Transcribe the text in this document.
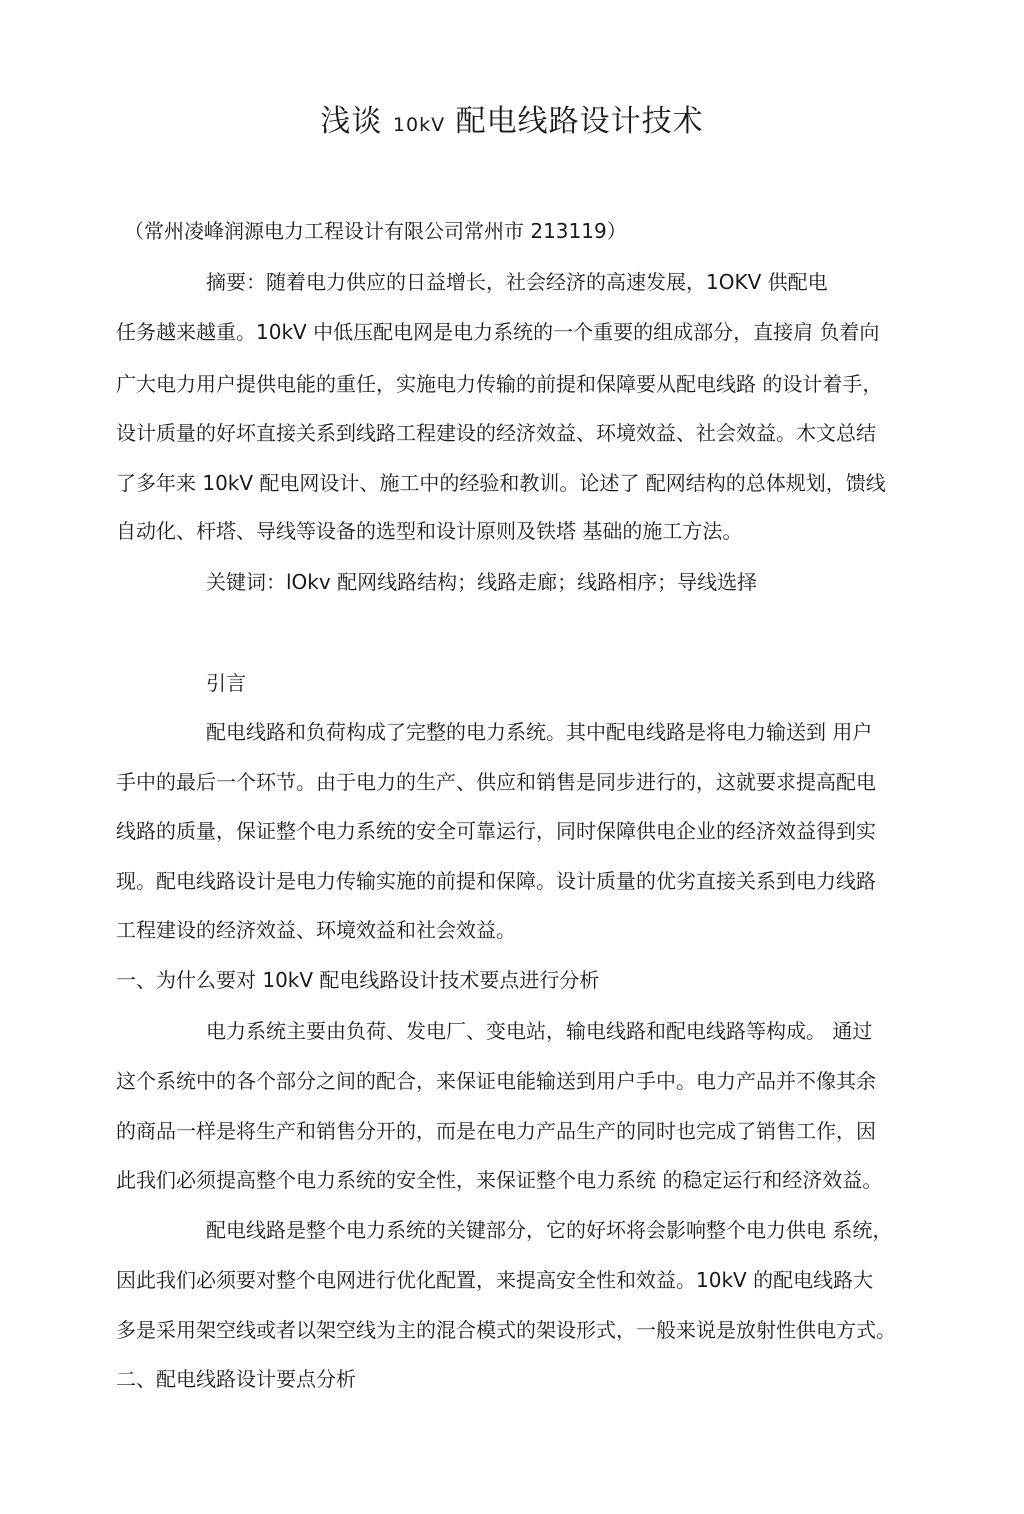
浅谈 10kV 配电线路设计技术
（常州凌峰润源电力工程设计有限公司常州市 213119）
摘要：随着电力供应的日益增长，社会经济的高速发展，1OKV 供配电
任务越来越重。10kV 中低压配电网是电力系统的一个重要的组成部分，直接肩 负着向
广大电力用户提供电能的重任，实施电力传输的前提和保障要从配电线路 的设计着手，
设计质量的好坏直接关系到线路工程建设的经济效益、环境效益、社会效益。木文总结
了多年来 10kV 配电网设计、施工中的经验和教训。论述了 配网结构的总体规划，馈线
自动化、杆塔、导线等设备的选型和设计原则及铁塔 基础的施工方法。
关键词：lOkv 配网线路结构；线路走廊；线路相序；导线选择
引言
配电线路和负荷构成了完整的电力系统。其中配电线路是将电力输送到 用户
手中的最后一个环节。由于电力的生产、供应和销售是同步进行的，这就要求提高配电
线路的质量，保证整个电力系统的安全可靠运行，同时保障供电企业的经济效益得到实
现。配电线路设计是电力传输实施的前提和保障。设计质量的优劣直接关系到电力线路
工程建设的经济效益、环境效益和社会效益。
一、为什么要对 10kV 配电线路设计技术要点进行分析
电力系统主要由负荷、发电厂、变电站，输电线路和配电线路等构成。 通过
这个系统中的各个部分之间的配合，来保证电能输送到用户手中。电力产品并不像其余
的商品一样是将生产和销售分开的，而是在电力产品生产的同时也完成了销售工作，因
此我们必须提高整个电力系统的安全性，来保证整个电力系统 的稳定运行和经济效益。
配电线路是整个电力系统的关键部分，它的好坏将会影响整个电力供电 系统，
因此我们必须要对整个电网进行优化配置，来提高安全性和效益。10kV 的配电线路大
多是采用架空线或者以架空线为主的混合模式的架设形式，一般来说是放射性供电方式。
二、配电线路设计要点分析
